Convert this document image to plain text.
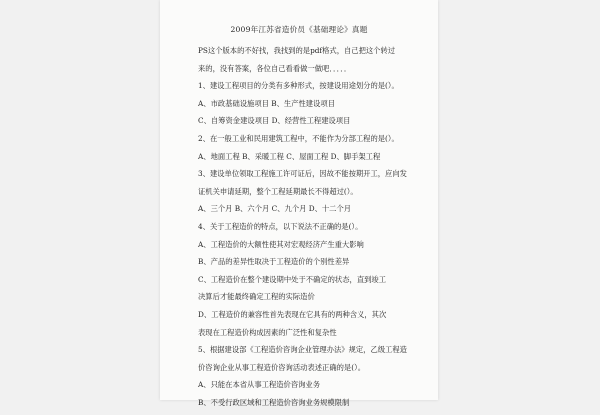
2009年江苏省造价员《基础理论》真题
PS这个版本的不好找，我找到的是pdf格式，自己把这个转过
来的，没有答案，各位自己看看做一做吧．．．．．
1、建设工程项目的分类有多种形式，按建设用途划分的是(）。
A、市政基础设施项目 B、生产性建设项目
C、自筹资金建设项目 D、经营性工程建设项目
2、在一般工业和民用建筑工程中，不能作为分部工程的是(）。
A、地面工程 B、采暖工程 C、屋面工程 D、脚手架工程
3、建设单位领取工程施工许可证后，因故不能按期开工，应向发
证机关申请延期，整个工程延期最长不得超过(）。
A、三个月 B、六个月 C、九个月 D、十二个月
4、关于工程造价的特点，以下说法不正确的是(）。
A、工程造价的大额性使其对宏观经济产生重大影响
B、产品的差异性取决于工程造价的个别性差异
C、工程造价在整个建设期中处于不确定的状态，直到竣工
决算后才能最终确定工程的实际造价
D、工程造价的兼容性首先表现在它具有的两种含义，其次
表现在工程造价构成因素的广泛性和复杂性
5、根据建设部《工程造价咨询企业管理办法》规定，乙级工程造
价咨询企业从事工程造价咨询活动表述正确的是(）。
A、只能在本省从事工程造价咨询业务
B、不受行政区域和工程造价咨询业务规模限制
